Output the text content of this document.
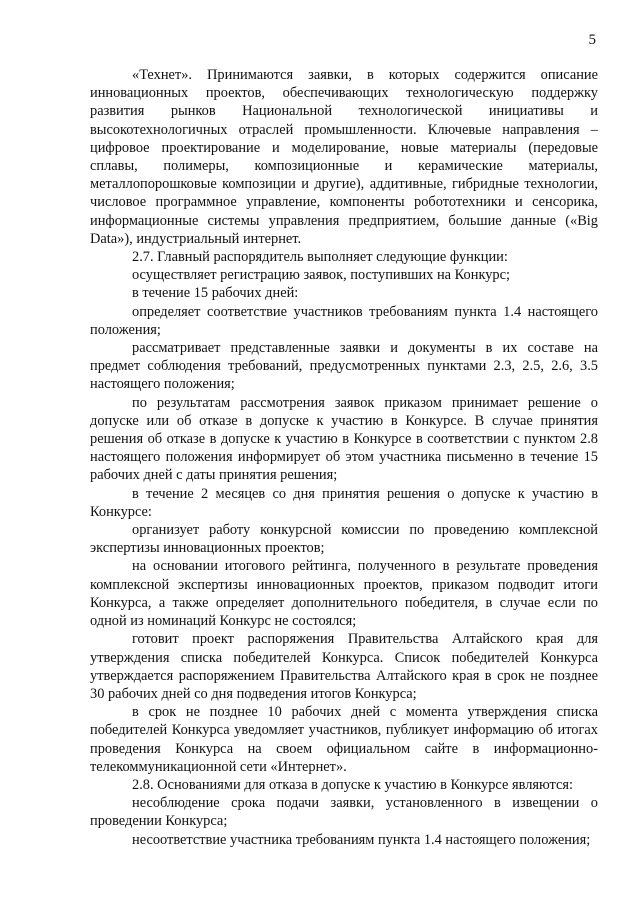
5

«Технет». Принимаются заявки, в которых содержится описание инновационных проектов, обеспечивающих технологическую поддержку развития рынков Национальной технологической инициативы и высокотехнологичных отраслей промышленности. Ключевые направления – цифровое проектирование и моделирование, новые материалы (передовые сплавы, полимеры, композиционные и керамические материалы, металлопорошковые композиции и другие), аддитивные, гибридные технологии, числовое программное управление, компоненты робототехники и сенсорика, информационные системы управления предприятием, большие данные («Big Data»), индустриальный интернет.

2.7. Главный распорядитель выполняет следующие функции:

осуществляет регистрацию заявок, поступивших на Конкурс;

в течение 15 рабочих дней:

определяет соответствие участников требованиям пункта 1.4 настоящего положения;

рассматривает представленные заявки и документы в их составе на предмет соблюдения требований, предусмотренных пунктами 2.3, 2.5, 2.6, 3.5 настоящего положения;

по результатам рассмотрения заявок приказом принимает решение о допуске или об отказе в допуске к участию в Конкурсе. В случае принятия решения об отказе в допуске к участию в Конкурсе в соответствии с пунктом 2.8 настоящего положения информирует об этом участника письменно в течение 15 рабочих дней с даты принятия решения;

в течение 2 месяцев со дня принятия решения о допуске к участию в Конкурсе:

организует работу конкурсной комиссии по проведению комплексной экспертизы инновационных проектов;

на основании итогового рейтинга, полученного в результате проведения комплексной экспертизы инновационных проектов, приказом подводит итоги Конкурса, а также определяет дополнительного победителя, в случае если по одной из номинаций Конкурс не состоялся;

готовит проект распоряжения Правительства Алтайского края для утверждения списка победителей Конкурса. Список победителей Конкурса утверждается распоряжением Правительства Алтайского края в срок не позднее 30 рабочих дней со дня подведения итогов Конкурса;

в срок не позднее 10 рабочих дней с момента утверждения списка победителей Конкурса уведомляет участников, публикует информацию об итогах проведения Конкурса на своем официальном сайте в информационно-телекоммуникационной сети «Интернет».

2.8. Основаниями для отказа в допуске к участию в Конкурсе являются:

несоблюдение срока подачи заявки, установленного в извещении о проведении Конкурса;

несоответствие участника требованиям пункта 1.4 настоящего положения;
